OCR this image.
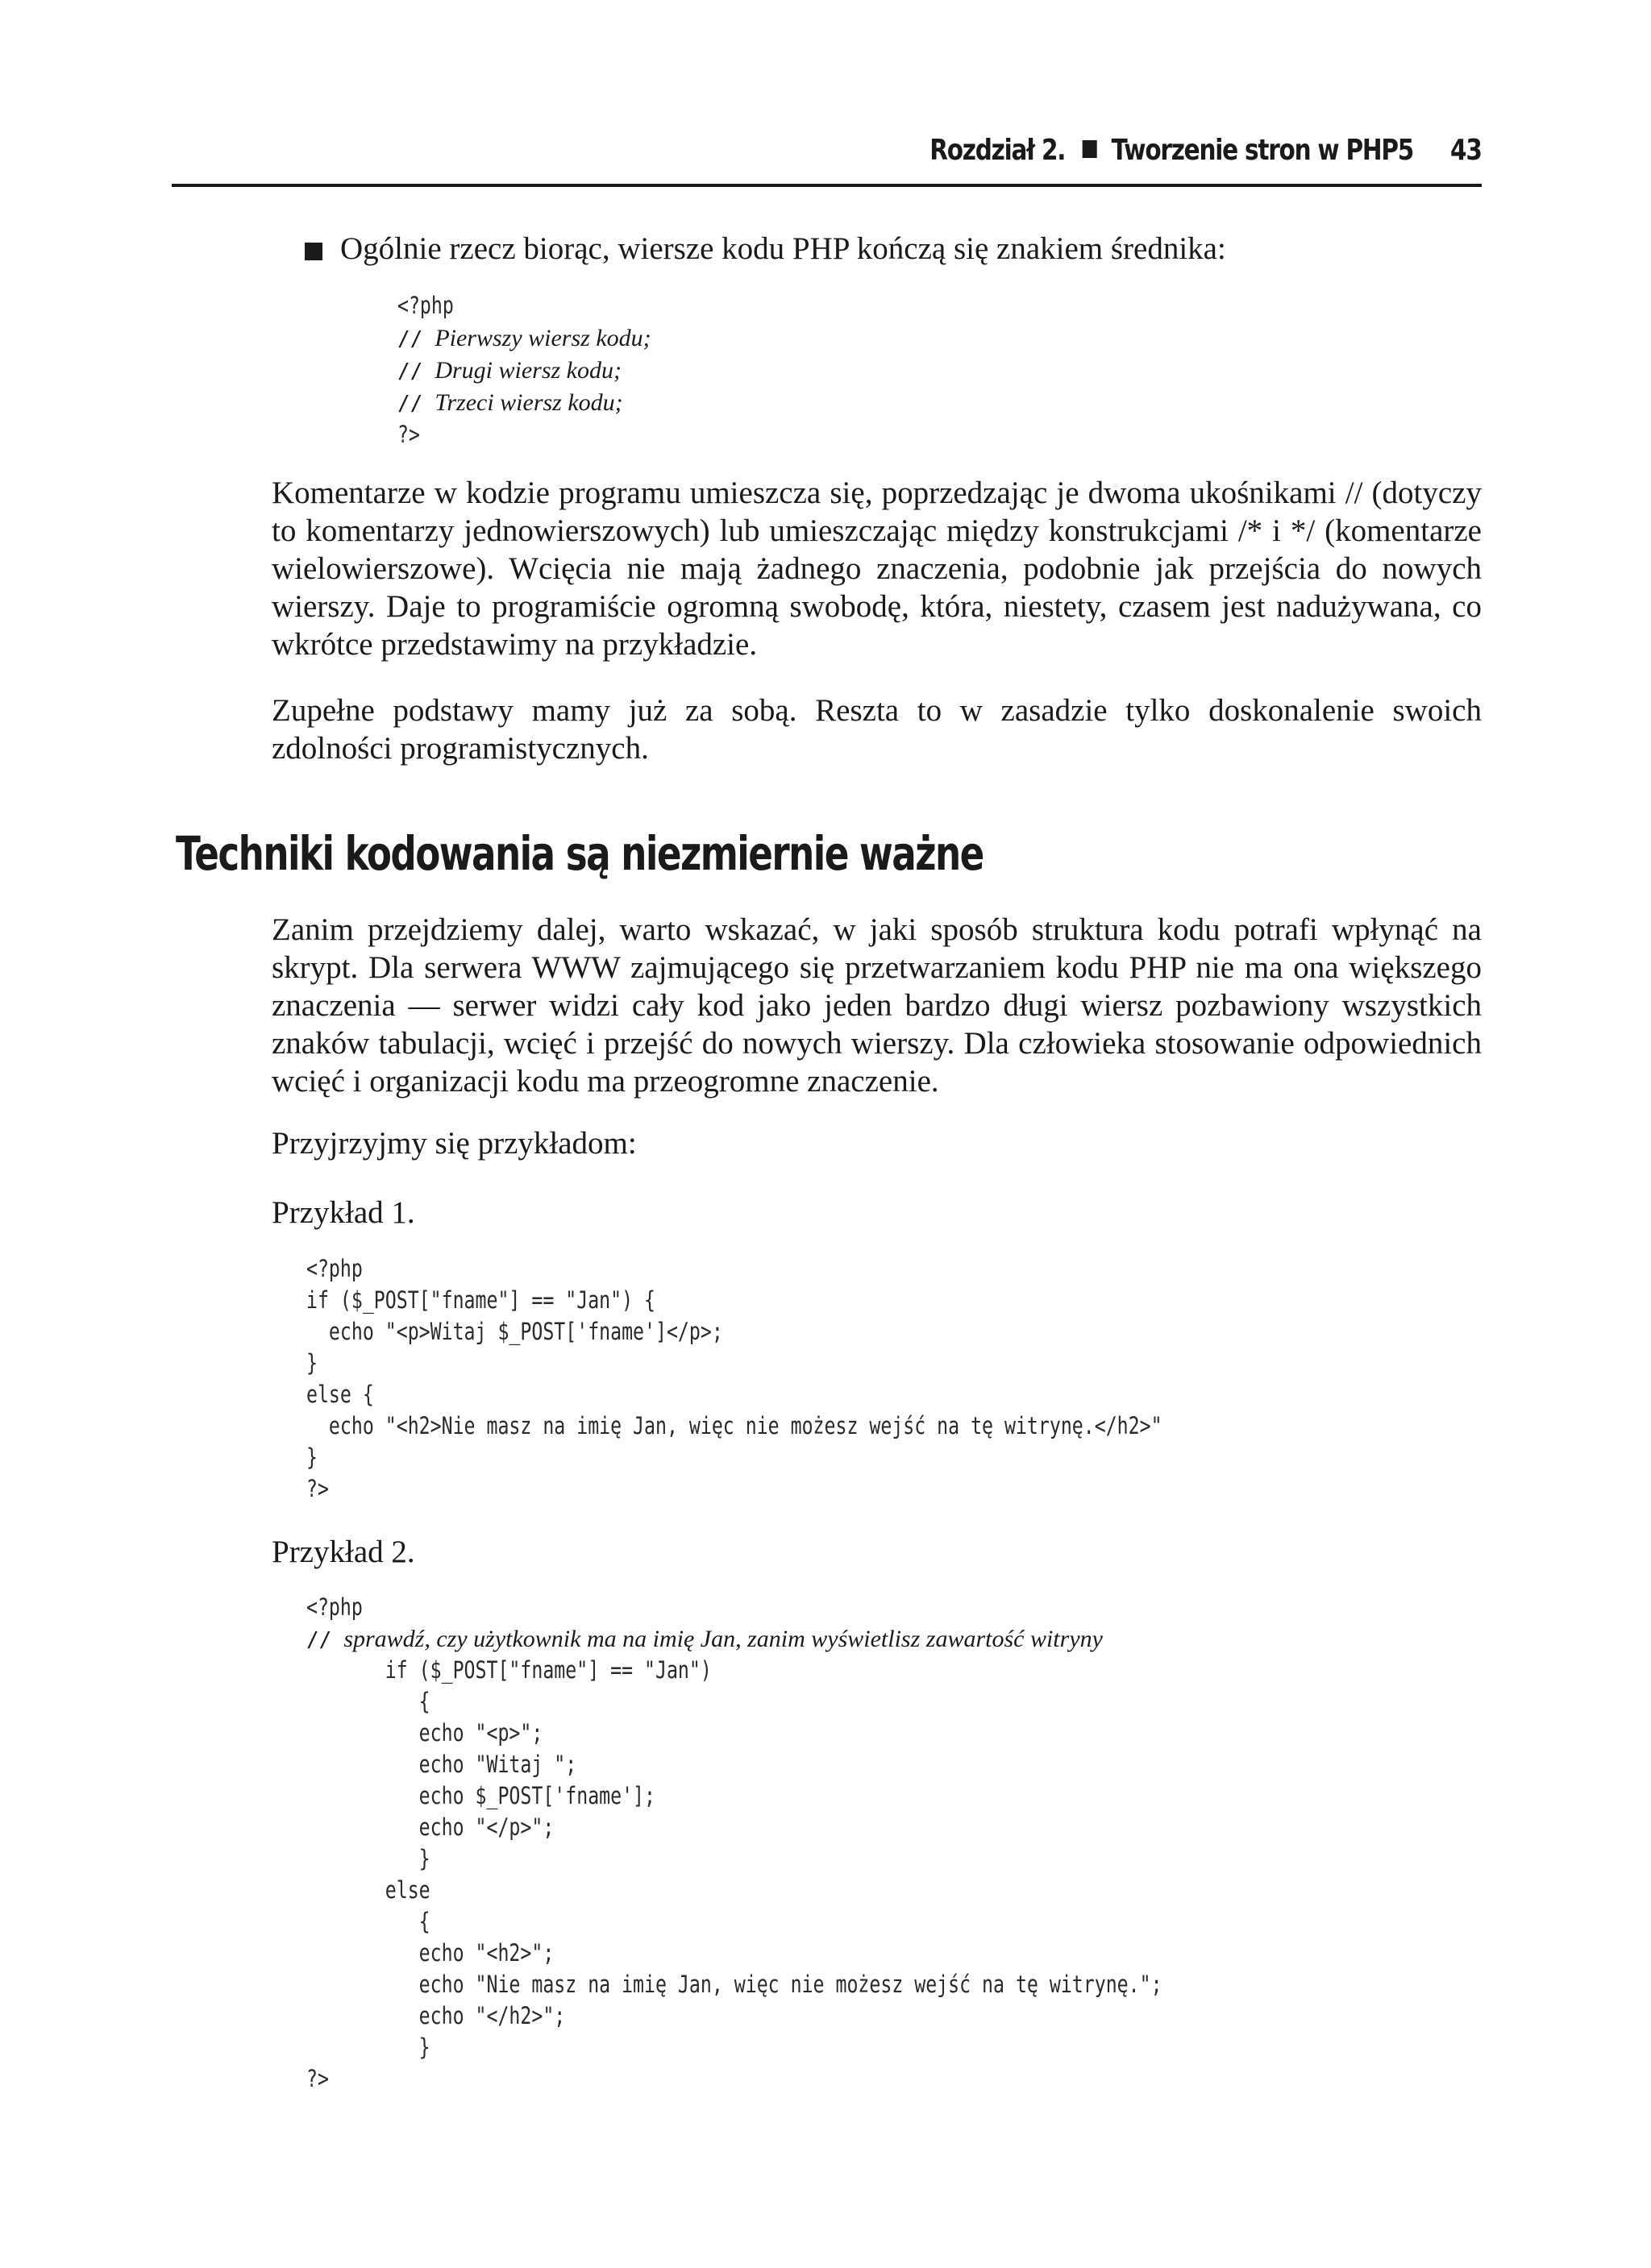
Rozdział 2. Tworzenie stron w PHP5 43

Ogólnie rzecz biorąc, wiersze kodu PHP kończą się znakiem średnika:

<?php
// Pierwszy wiersz kodu;
// Drugi wiersz kodu;
// Trzeci wiersz kodu;
?>

Komentarze w kodzie programu umieszcza się, poprzedzając je dwoma ukośnikami // (dotyczy to komentarzy jednowierszowych) lub umieszczając między konstrukcjami /* i */ (komentarze wielowierszowe). Wcięcia nie mają żadnego znaczenia, podobnie jak przejścia do nowych wierszy. Daje to programiście ogromną swobodę, która, niestety, czasem jest nadużywana, co wkrótce przedstawimy na przykładzie.

Zupełne podstawy mamy już za sobą. Reszta to w zasadzie tylko doskonalenie swoich zdolności programistycznych.

Techniki kodowania są niezmiernie ważne

Zanim przejdziemy dalej, warto wskazać, w jaki sposób struktura kodu potrafi wpłynąć na skrypt. Dla serwera WWW zajmującego się przetwarzaniem kodu PHP nie ma ona większego znaczenia — serwer widzi cały kod jako jeden bardzo długi wiersz pozbawiony wszystkich znaków tabulacji, wcięć i przejść do nowych wierszy. Dla człowieka stosowanie odpowiednich wcięć i organizacji kodu ma przeogromne znaczenie.

Przyjrzyjmy się przykładom:

Przykład 1.

<?php
if ($_POST["fname"] == "Jan") {
echo "<p>Witaj $_POST['fname']</p>;
}
else {
echo "<h2>Nie masz na imię Jan, więc nie możesz wejść na tę witrynę.</h2>"
}
?>

Przykład 2.

<?php
// sprawdź, czy użytkownik ma na imię Jan, zanim wyświetlisz zawartość witryny
if ($_POST["fname"] == "Jan")
{
echo "<p>";
echo "Witaj ";
echo $_POST['fname'];
echo "</p>";
}
else
{
echo "<h2>";
echo "Nie masz na imię Jan, więc nie możesz wejść na tę witrynę.";
echo "</h2>";
}
?>
